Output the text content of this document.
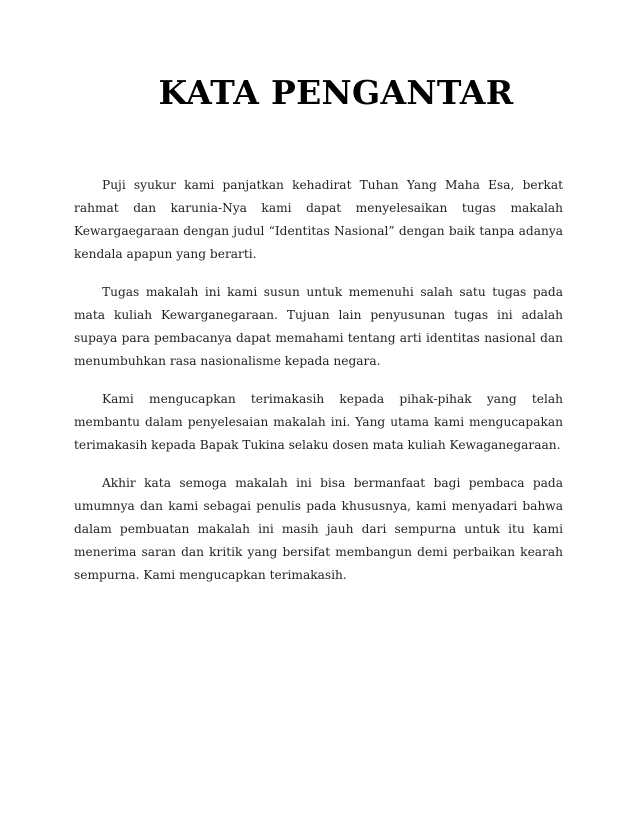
KATA PENGANTAR

Puji syukur kami panjatkan kehadirat Tuhan Yang Maha Esa, berkat rahmat dan karunia-Nya kami dapat menyelesaikan tugas makalah Kewargaegaraan dengan judul “Identitas Nasional” dengan baik tanpa adanya kendala apapun yang berarti.

Tugas makalah ini kami susun untuk memenuhi salah satu tugas pada mata kuliah Kewarganegaraan. Tujuan lain penyusunan tugas ini adalah supaya para pembacanya dapat memahami tentang arti identitas nasional dan menumbuhkan rasa nasionalisme kepada negara.

Kami mengucapkan terimakasih kepada pihak-pihak yang telah membantu dalam penyelesaian makalah ini. Yang utama kami mengucapakan terimakasih kepada Bapak Tukina selaku dosen mata kuliah Kewaganegaraan.

Akhir kata semoga makalah ini bisa bermanfaat bagi pembaca pada umumnya dan kami sebagai penulis pada khususnya, kami menyadari bahwa dalam pembuatan makalah ini masih jauh dari sempurna untuk itu kami menerima saran dan kritik yang bersifat membangun demi perbaikan kearah sempurna. Kami mengucapkan terimakasih.
